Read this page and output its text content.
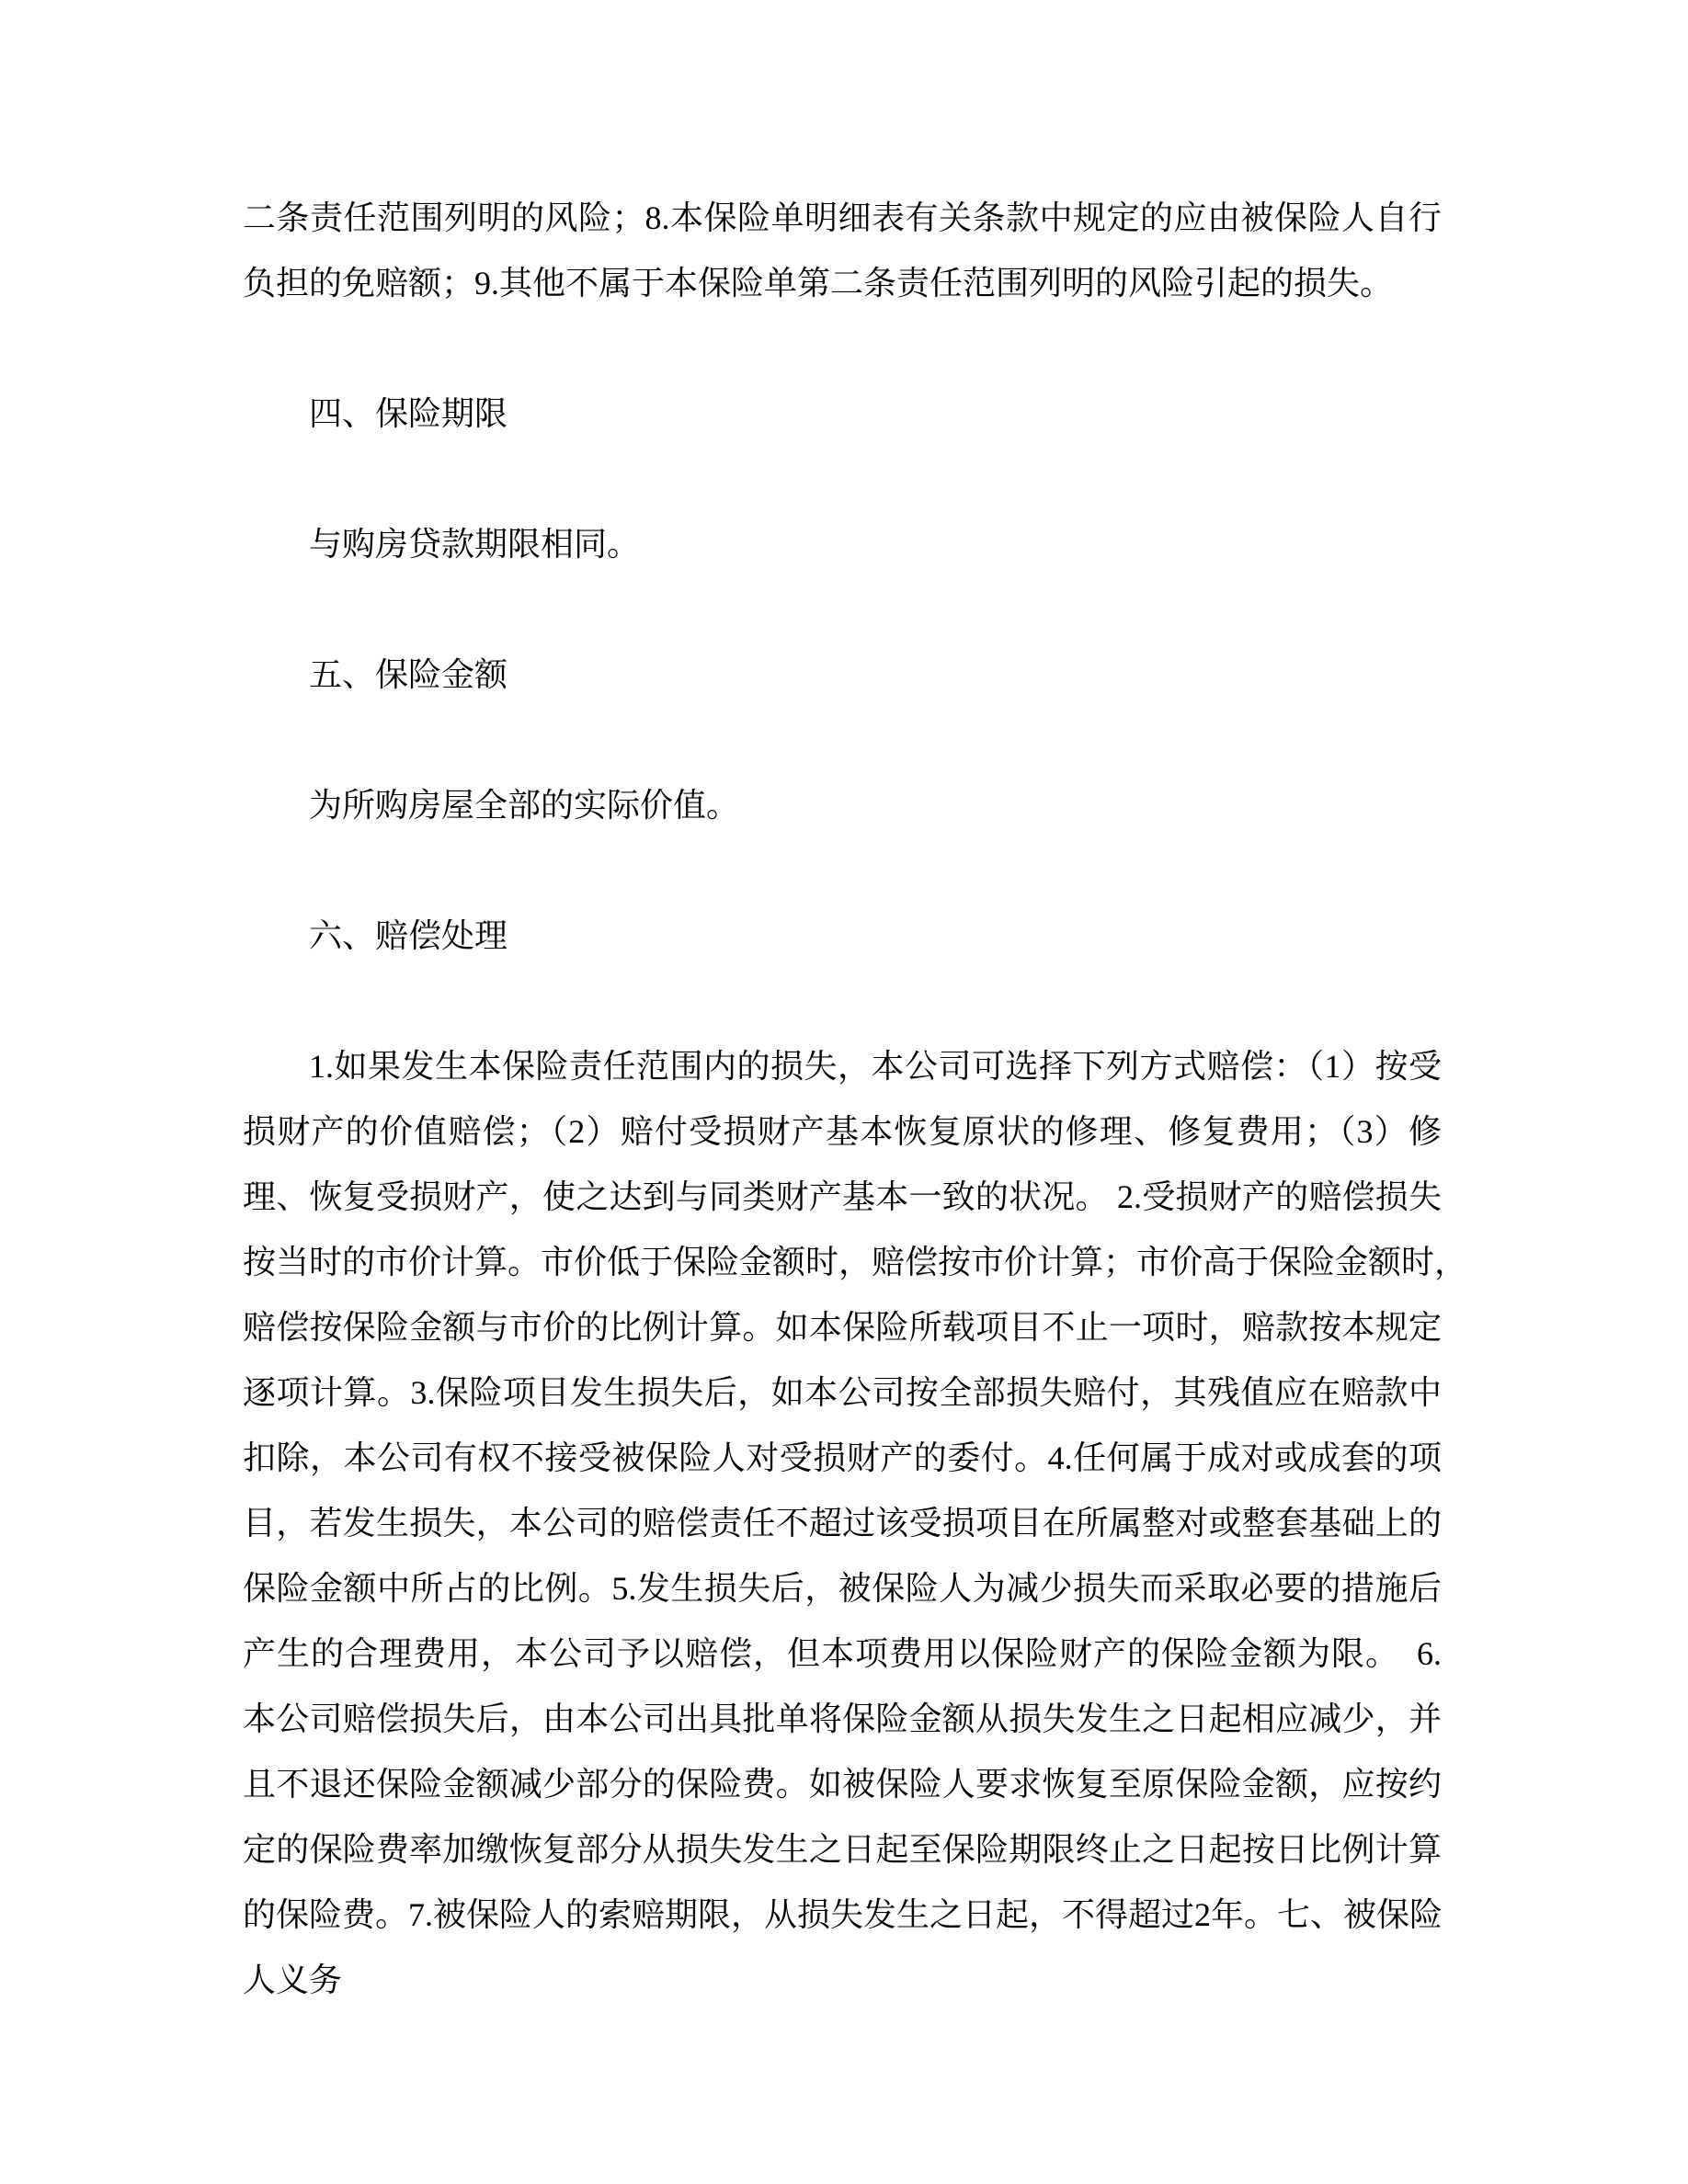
二条责任范围列明的风险；8.本保险单明细表有关条款中规定的应由被保险人自行
负担的免赔额；9.其他不属于本保险单第二条责任范围列明的风险引起的损失。

四、保险期限

与购房贷款期限相同。

五、保险金额

为所购房屋全部的实际价值。

六、赔偿处理

1.如果发生本保险责任范围内的损失，本公司可选择下列方式赔偿：（1）按受
损财产的价值赔偿；（2）赔付受损财产基本恢复原状的修理、修复费用；（3）修
理、恢复受损财产，使之达到与同类财产基本一致的状况。 2.受损财产的赔偿损失
按当时的市价计算。市价低于保险金额时，赔偿按市价计算；市价高于保险金额时，
赔偿按保险金额与市价的比例计算。如本保险所载项目不止一项时，赔款按本规定
逐项计算。3.保险项目发生损失后，如本公司按全部损失赔付，其残值应在赔款中
扣除，本公司有权不接受被保险人对受损财产的委付。4.任何属于成对或成套的项
目，若发生损失，本公司的赔偿责任不超过该受损项目在所属整对或整套基础上的
保险金额中所占的比例。5.发生损失后，被保险人为减少损失而采取必要的措施后
产生的合理费用，本公司予以赔偿，但本项费用以保险财产的保险金额为限。　6.
本公司赔偿损失后，由本公司出具批单将保险金额从损失发生之日起相应减少，并
且不退还保险金额减少部分的保险费。如被保险人要求恢复至原保险金额，应按约
定的保险费率加缴恢复部分从损失发生之日起至保险期限终止之日起按日比例计算
的保险费。7.被保险人的索赔期限，从损失发生之日起，不得超过2年。七、被保险
人义务
